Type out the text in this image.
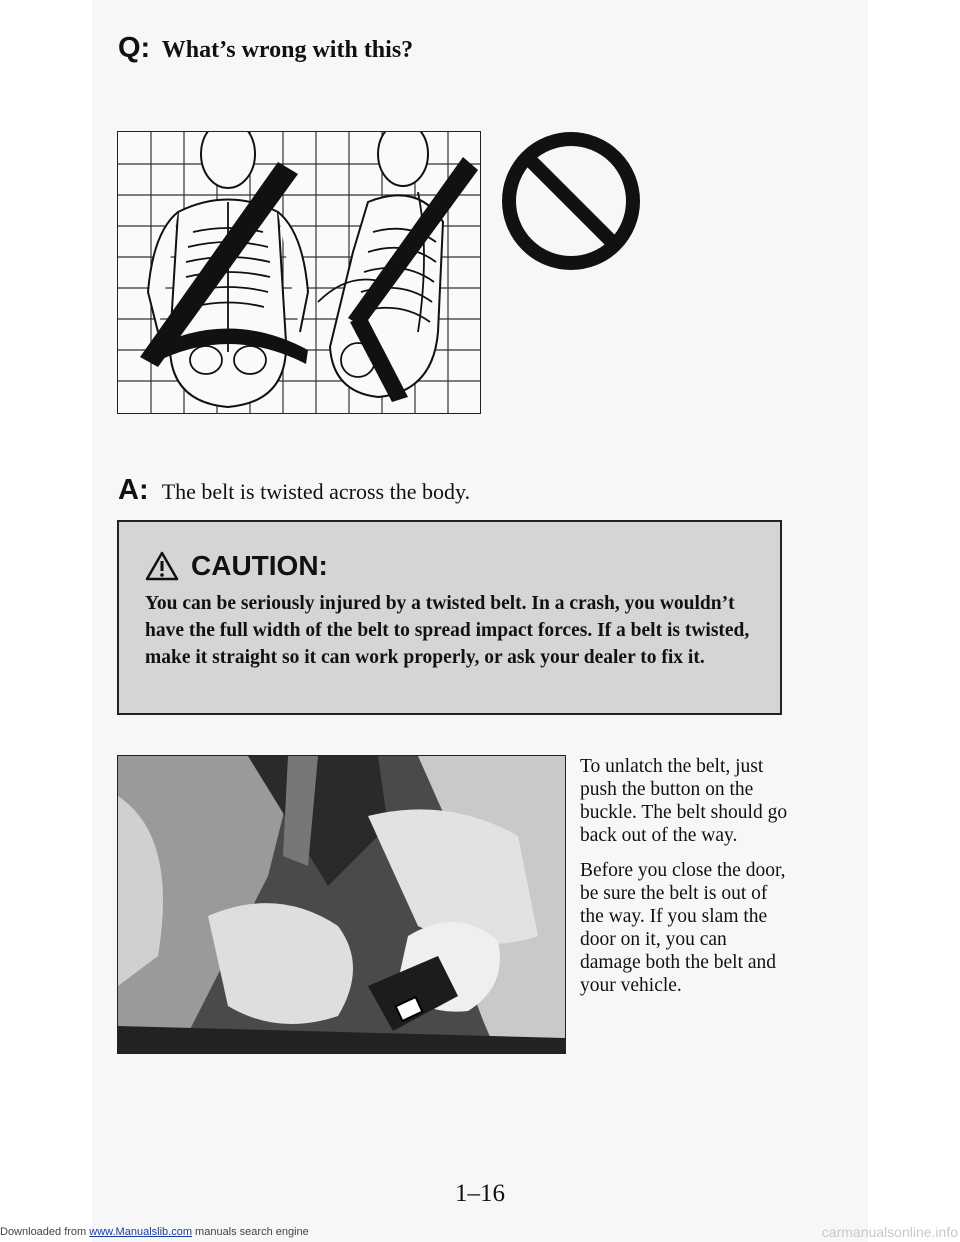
Q: What’s wrong with this?
A: The belt is twisted across the body.
CAUTION:
You can be seriously injured by a twisted belt. In a crash, you wouldn’t have the full width of the belt to spread impact forces. If a belt is twisted, make it straight so it can work properly, or ask your dealer to fix it.

To unlatch the belt, just push the button on the buckle. The belt should go back out of the way.

Before you close the door, be sure the belt is out of the way. If you slam the door on it, you can damage both the belt and your vehicle.

1–16
Downloaded from www.Manualslib.com manuals search engine	carmanualsonline.info
